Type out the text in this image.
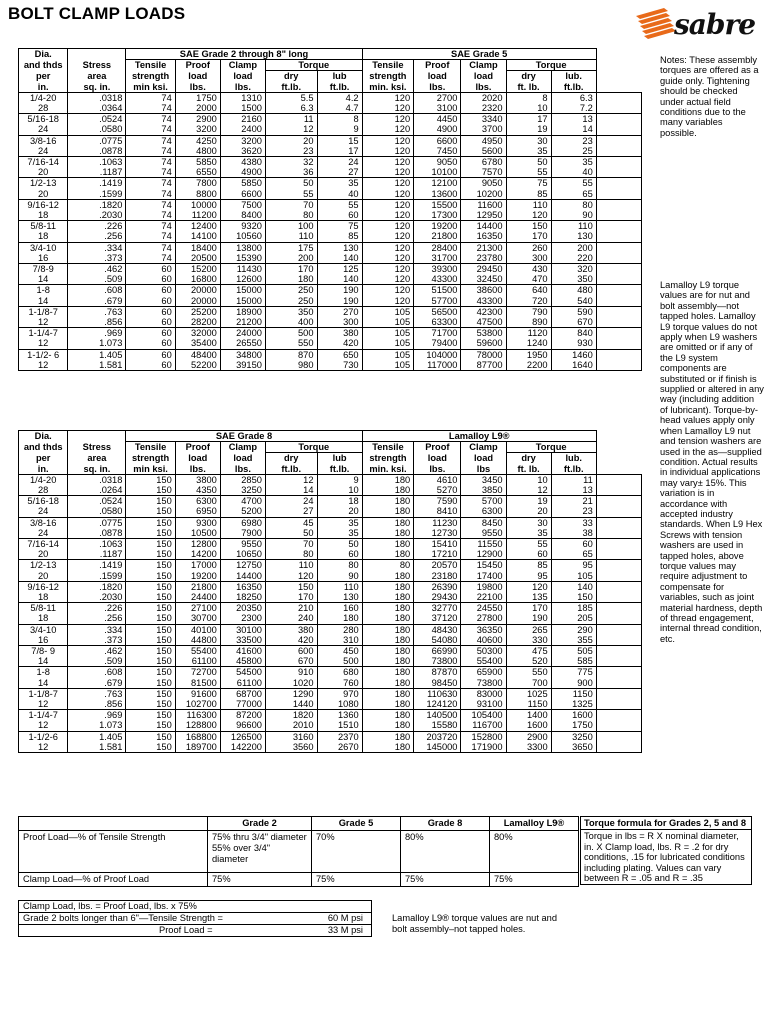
BOLT CLAMP LOADS	sabre
Dia.		SAE Grade 2 through 8" long					SAE Grade 5					
and thds	Stress	Tensile	Proof	Clamp	Torque		Tensile	Proof	Clamp	Torque		
per	area	strength	load	load	dry	lub	strength	load	load	dry	lub.	
in.	sq. in.	min ksi.	lbs.	lbs.	ft.lb.	ft.lb.	min. ksi.	lbs.	lbs.	ft. lb.	ft.lb.	
1/4-20	.0318	74	1750	1310	5.5	4.2	120	2700	2020	8	6.3	
28	.0364	74	2000	1500	6.3	4.7	120	3100	2320	10	7.2	
5/16-18	.0524	74	2900	2160	11	8	120	4450	3340	17	13	
24	.0580	74	3200	2400	12	9	120	4900	3700	19	14	
3/8-16	.0775	74	4250	3200	20	15	120	6600	4950	30	23	
24	.0878	74	4800	3620	23	17	120	7450	5600	35	25	
7/16-14	.1063	74	5850	4380	32	24	120	9050	6780	50	35	
20	.1187	74	6550	4900	36	27	120	10100	7570	55	40	
1/2-13	.1419	74	7800	5850	50	35	120	12100	9050	75	55	
20	.1599	74	8800	6600	55	40	120	13600	10200	85	65	
9/16-12	.1820	74	10000	7500	70	55	120	15500	11600	110	80	
18	.2030	74	11200	8400	80	60	120	17300	12950	120	90	
5/8-11	.226	74	12400	9320	100	75	120	19200	14400	150	110	
18	.256	74	14100	10560	110	85	120	21800	16350	170	130	
3/4-10	.334	74	18400	13800	175	130	120	28400	21300	260	200	
16	.373	74	20500	15390	200	140	120	31700	23780	300	220	
7/8-9	.462	60	15200	11430	170	125	120	39300	29450	430	320	
14	.509	60	16800	12600	180	140	120	43300	32450	470	350	
1-8	.608	60	20000	15000	250	190	120	51500	38600	640	480	
14	.679	60	20000	15000	250	190	120	57700	43300	720	540	
1-1/8-7	.763	60	25200	18900	350	270	105	56500	42300	790	590	
12	.856	60	28200	21200	400	300	105	63300	47500	890	670	
1-1/4-7	.969	60	32000	24000	500	380	105	71700	53800	1120	840	
12	1.073	60	35400	26550	550	420	105	79400	59600	1240	930	
1-1/2- 6	1.405	60	48400	34800	870	650	105	104000	78000	1950	1460	
12	1.581	60	52200	39150	980	730	105	117000	87700	2200	1640	
Dia.		SAE Grade 8					Lamalloy L9®					
and thds	Stress	Tensile	Proof	Clamp	Torque		Tensile	Proof	Clamp	Torque		
per	area	strength	load	load	dry	lub	strength	load	load	dry	lub.	
in.	sq. in.	min ksi.	lbs.	lbs.	ft.lb.	ft.lb.	min. ksi.	lbs.	lbs	ft. lb.	ft.lb.	
1/4-20	.0318	150	3800	2850	12	9	180	4610	3450	10	11	
28	.0264	150	4350	3250	14	10	180	5270	3850	12	13	
5/16-18	.0524	150	6300	4700	24	18	180	7590	5700	19	21	
24	.0580	150	6950	5200	27	20	180	8410	6300	20	23	
3/8-16	.0775	150	9300	6980	45	35	180	11230	8450	30	33	
24	.0878	150	10500	7900	50	35	180	12730	9550	35	38	
7/16-14	.1063	150	12800	9550	70	50	180	15410	11550	55	60	
20	.1187	150	14200	10650	80	60	180	17210	12900	60	65	
1/2-13	.1419	150	17000	12750	110	80	80	20570	15450	85	95	
20	.1599	150	19200	14400	120	90	180	23180	17400	95	105	
9/16-12	.1820	150	21800	16350	150	110	180	26390	19800	120	140	
18	.2030	150	24400	18250	170	130	180	29430	22100	135	150	
5/8-11	.226	150	27100	20350	210	160	180	32770	24550	170	185	
18	.256	150	30700	2300	240	180	180	37120	27800	190	205	
3/4-10	.334	150	40100	30100	380	280	180	48430	36350	265	290	
16	.373	150	44800	33500	420	310	180	54080	40600	330	355	
7/8- 9	.462	150	55400	41600	600	450	180	66990	50300	475	505	
14	.509	150	61100	45800	670	500	180	73800	55400	520	585	
1-8	.608	150	72700	54500	910	680	180	87870	65900	550	775	
14	.679	150	81500	61100	1020	760	180	98450	73800	700	900	
1-1/8-7	.763	150	91600	68700	1290	970	180	110630	83000	1025	1150	
12	.856	150	102700	77000	1440	1080	180	124120	93100	1150	1325	
1-1/4-7	.969	150	116300	87200	1820	1360	180	140500	105400	1400	1600	
12	1.073	150	128800	96600	2010	1510	180	15580	116700	1600	1750	
1-1/2-6	1.405	150	168800	126500	3160	2370	180	203720	152800	2900	3250	
12	1.581	150	189700	142200	3560	2670	180	145000	171900	3300	3650	
Notes: These assembly torques are offered as a guide only. Tightening should be checked under actual field conditions due to the many variables possible.
Lamalloy L9 torque values are for nut and bolt assembly—not tapped holes. Lamalloy L9 torque values do not apply when L9 washers are omitted or if any of the L9 system components are substituted or if finish is supplied or altered in any way (including addition of lubricant). Torque-by-head values apply only when Lamalloy L9 nut and tension washers are used in the as—supplied condition. Actual results in individual applications may vary± 15%. This variation is in accordance with accepted industry standards. When L9 Hex Screws with tension washers are used in tapped holes, above torque values may require adjustment to compensate for variables, such as joint material hardness, depth of thread engagement, internal thread condition, etc.
	Grade 2	Grade 5	Grade 8	Lamalloy L9®
Proof Load—% of Tensile Strength	75% thru 3/4" diameter 55% over 3/4" diameter	70%	80%	80%
Clamp Load—% of Proof Load	75%	75%	75%	75%
Clamp Load, lbs. = Proof Load, lbs. x 75%
Grade 2 bolts longer than 6"—Tensile Strength =	60 M psi
Proof Load =	33 M psi
Lamalloy L9® torque values are nut and bolt assembly–not tapped holes.
Torque formula for Grades 2, 5 and 8
Torque in lbs = R X nominal diameter, in. X Clamp load, lbs. R = .2 for dry conditions, .15 for lubricated conditions including plating. Values can vary between R = .05 and R = .35
